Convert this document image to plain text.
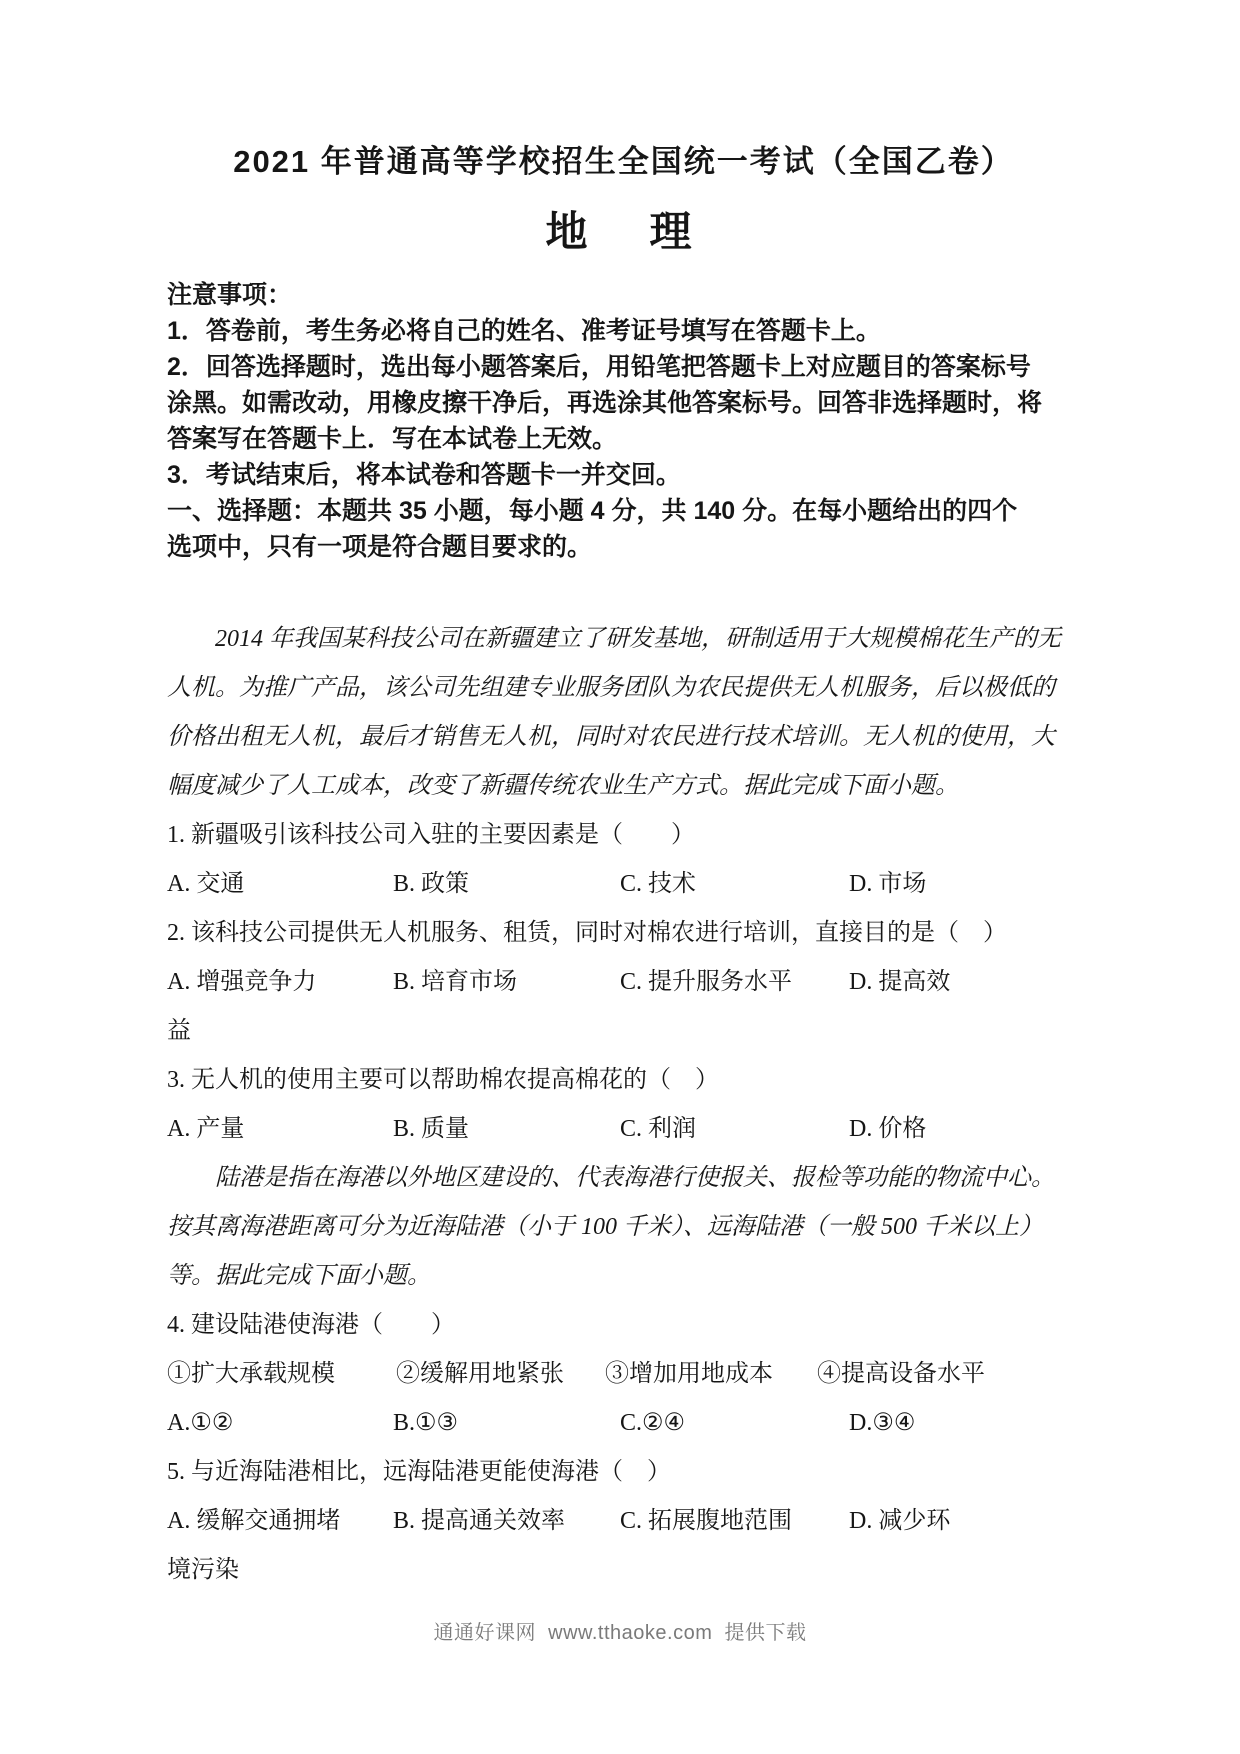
2021 年普通高等学校招生全国统一考试（全国乙卷）
地　理

注意事项：

1．答卷前，考生务必将自己的姓名、准考证号填写在答题卡上。

2．回答选择题时，选出每小题答案后，用铅笔把答题卡上对应题目的答案标号涂黑。如需改动，用橡皮擦干净后，再选涂其他答案标号。回答非选择题时，将答案写在答题卡上．写在本试卷上无效。

3．考试结束后，将本试卷和答题卡一并交回。

一、选择题：本题共 35 小题，每小题 4 分，共 140 分。在每小题给出的四个选项中，只有一项是符合题目要求的。

2014 年我国某科技公司在新疆建立了研发基地，研制适用于大规模棉花生产的无人机。为推广产品，该公司先组建专业服务团队为农民提供无人机服务，后以极低的价格出租无人机，最后才销售无人机，同时对农民进行技术培训。无人机的使用，大幅度减少了人工成本，改变了新疆传统农业生产方式。据此完成下面小题。

1. 新疆吸引该科技公司入驻的主要因素是（　　）

A. 交通	B. 政策	C. 技术	D. 市场

2. 该科技公司提供无人机服务、租赁，同时对棉农进行培训，直接目的是（　）

A. 增强竞争力	B. 培育市场	C. 提升服务水平 D. 提高效益

3. 无人机的使用主要可以帮助棉农提高棉花的（　）

A. 产量	B. 质量	C. 利润	D. 价格

陆港是指在海港以外地区建设的、代表海港行使报关、报检等功能的物流中心。按其离海港距离可分为近海陆港（小于 100 千米）、远海陆港（一般 500 千米以上）等。据此完成下面小题。

4. 建设陆港使海港（　　）

①扩大承载规模	②缓解用地紧张 ③增加用地成本 ④提高设备水平

A.①②	B.①③	C.②④	D.③④

5. 与近海陆港相比，远海陆港更能使海港（　）

A. 缓解交通拥堵 B. 提高通关效率 C. 拓展腹地范围 D. 减少环境污染

通通好课网  www.tthaoke.com  提供下载
